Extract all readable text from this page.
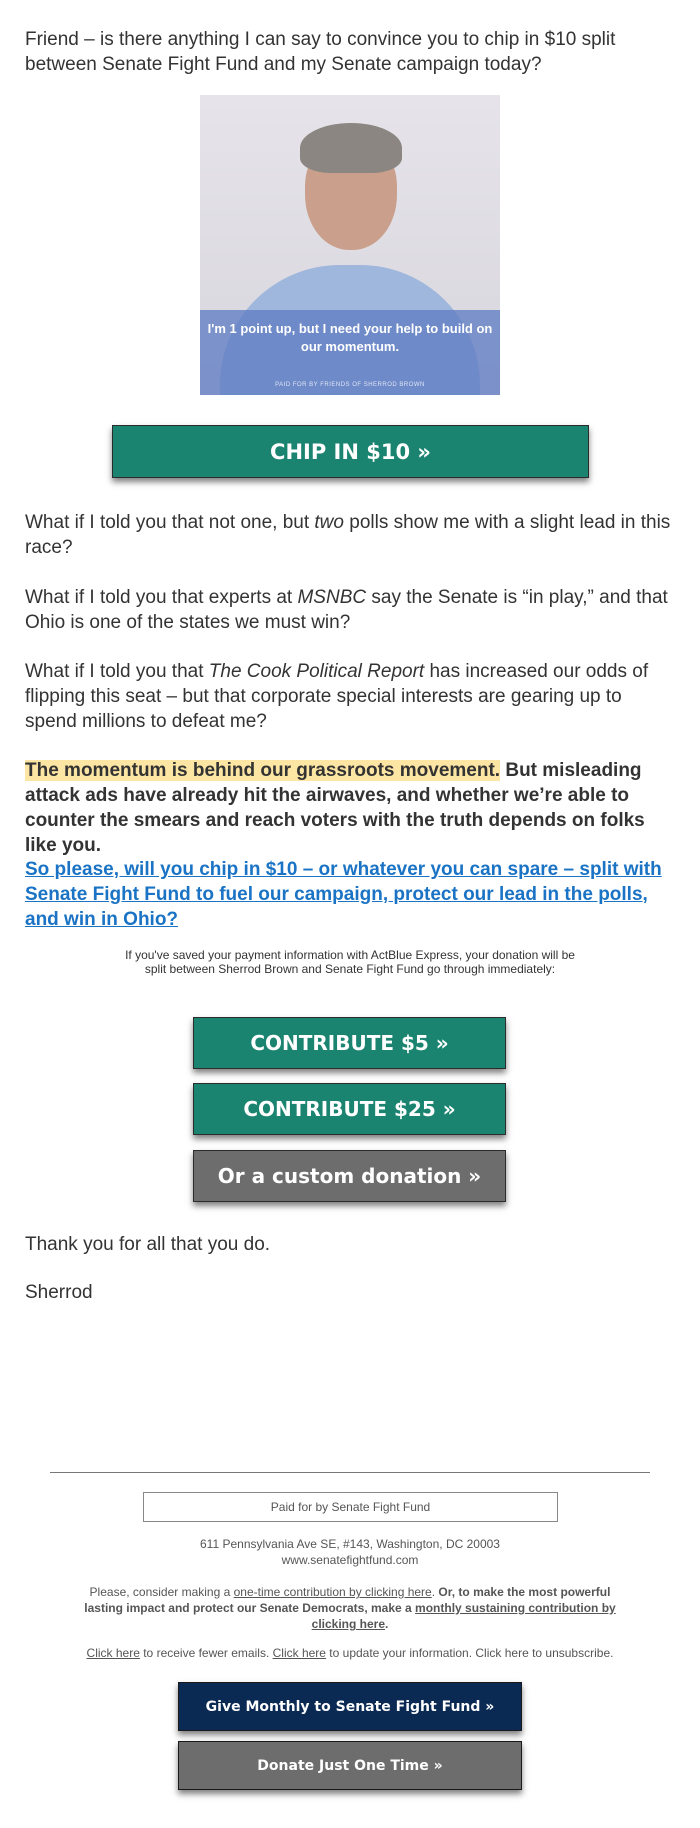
Friend – is there anything I can say to convince you to chip in $10 split between Senate Fight Fund and my Senate campaign today?

I'm 1 point up, but I need your help to build on our momentum.
PAID FOR BY FRIENDS OF SHERROD BROWN
CHIP IN $10 »

What if I told you that not one, but two polls show me with a slight lead in this race?

What if I told you that experts at MSNBC say the Senate is “in play,” and that Ohio is one of the states we must win?

What if I told you that The Cook Political Report has increased our odds of flipping this seat – but that corporate special interests are gearing up to spend millions to defeat me?

The momentum is behind our grassroots movement. But misleading attack ads have already hit the airwaves, and whether we’re able to counter the smears and reach voters with the truth depends on folks like you.

So please, will you chip in $10 – or whatever you can spare – split with Senate Fight Fund to fuel our campaign, protect our lead in the polls, and win in Ohio?

If you've saved your payment information with ActBlue Express, your donation will be split between Sherrod Brown and Senate Fight Fund go through immediately:
CONTRIBUTE $5 »
CONTRIBUTE $25 »
Or a custom donation »

Thank you for all that you do.

Sherrod

Paid for by Senate Fight Fund
611 Pennsylvania Ave SE, #143, Washington, DC 20003
www.senatefightfund.com
Please, consider making a one-time contribution by clicking here. Or, to make the most powerful lasting impact and protect our Senate Democrats, make a monthly sustaining contribution by clicking here.
Click here to receive fewer emails. Click here to update your information. Click here to unsubscribe.
Give Monthly to Senate Fight Fund »
Donate Just One Time »
